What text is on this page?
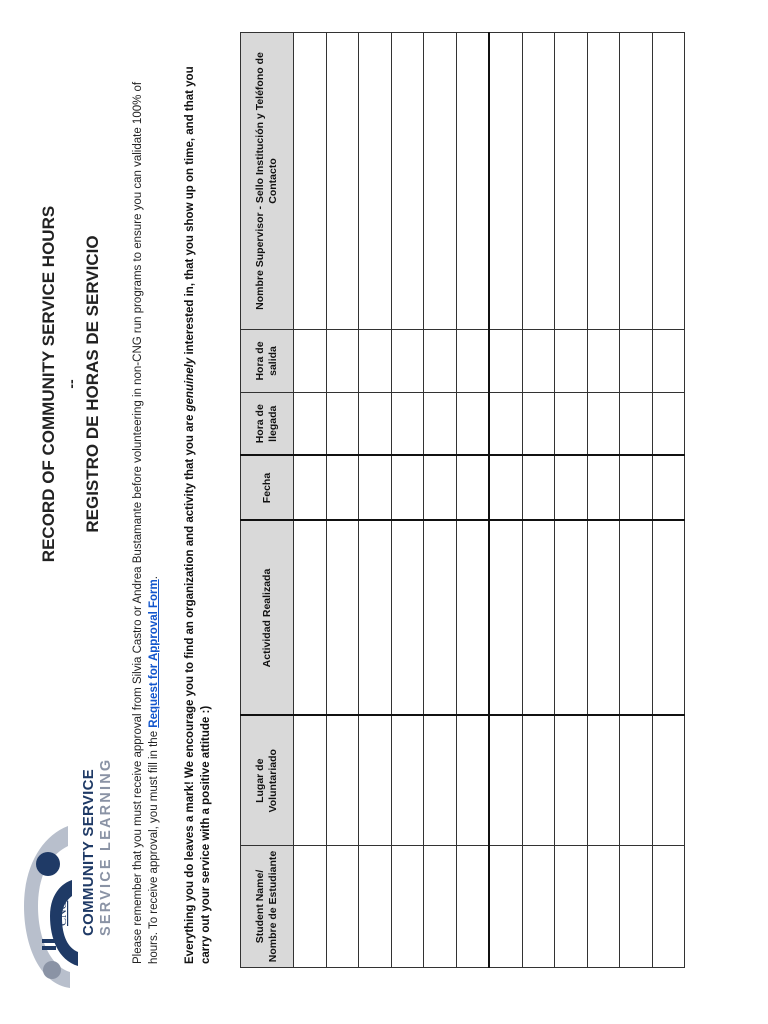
CNG COMMUNITY SERVICE SERVICE LEARNING
RECORD OF COMMUNITY SERVICE HOURS -- REGISTRO DE HORAS DE SERVICIO	Please remember that you must receive approval from Silvia Castro or Andrea Bustamante before volunteering in non-CNG run programs to ensure you can validate 100% of hours. To receive approval, you must fill in the Request for Approval Form. Everything you do leaves a mark! We encourage you to find an organization and activity that you are genuinely interested in, that you show up on time, and that you carry out your service with a positive attitude :)	Student Name/ Nombre de Estudiante	Lugar de Voluntariado	Actividad Realizada	Fecha	Hora de llegada	Hora de salida	Nombre Supervisor - Sello Institución y Teléfono de Contacto
